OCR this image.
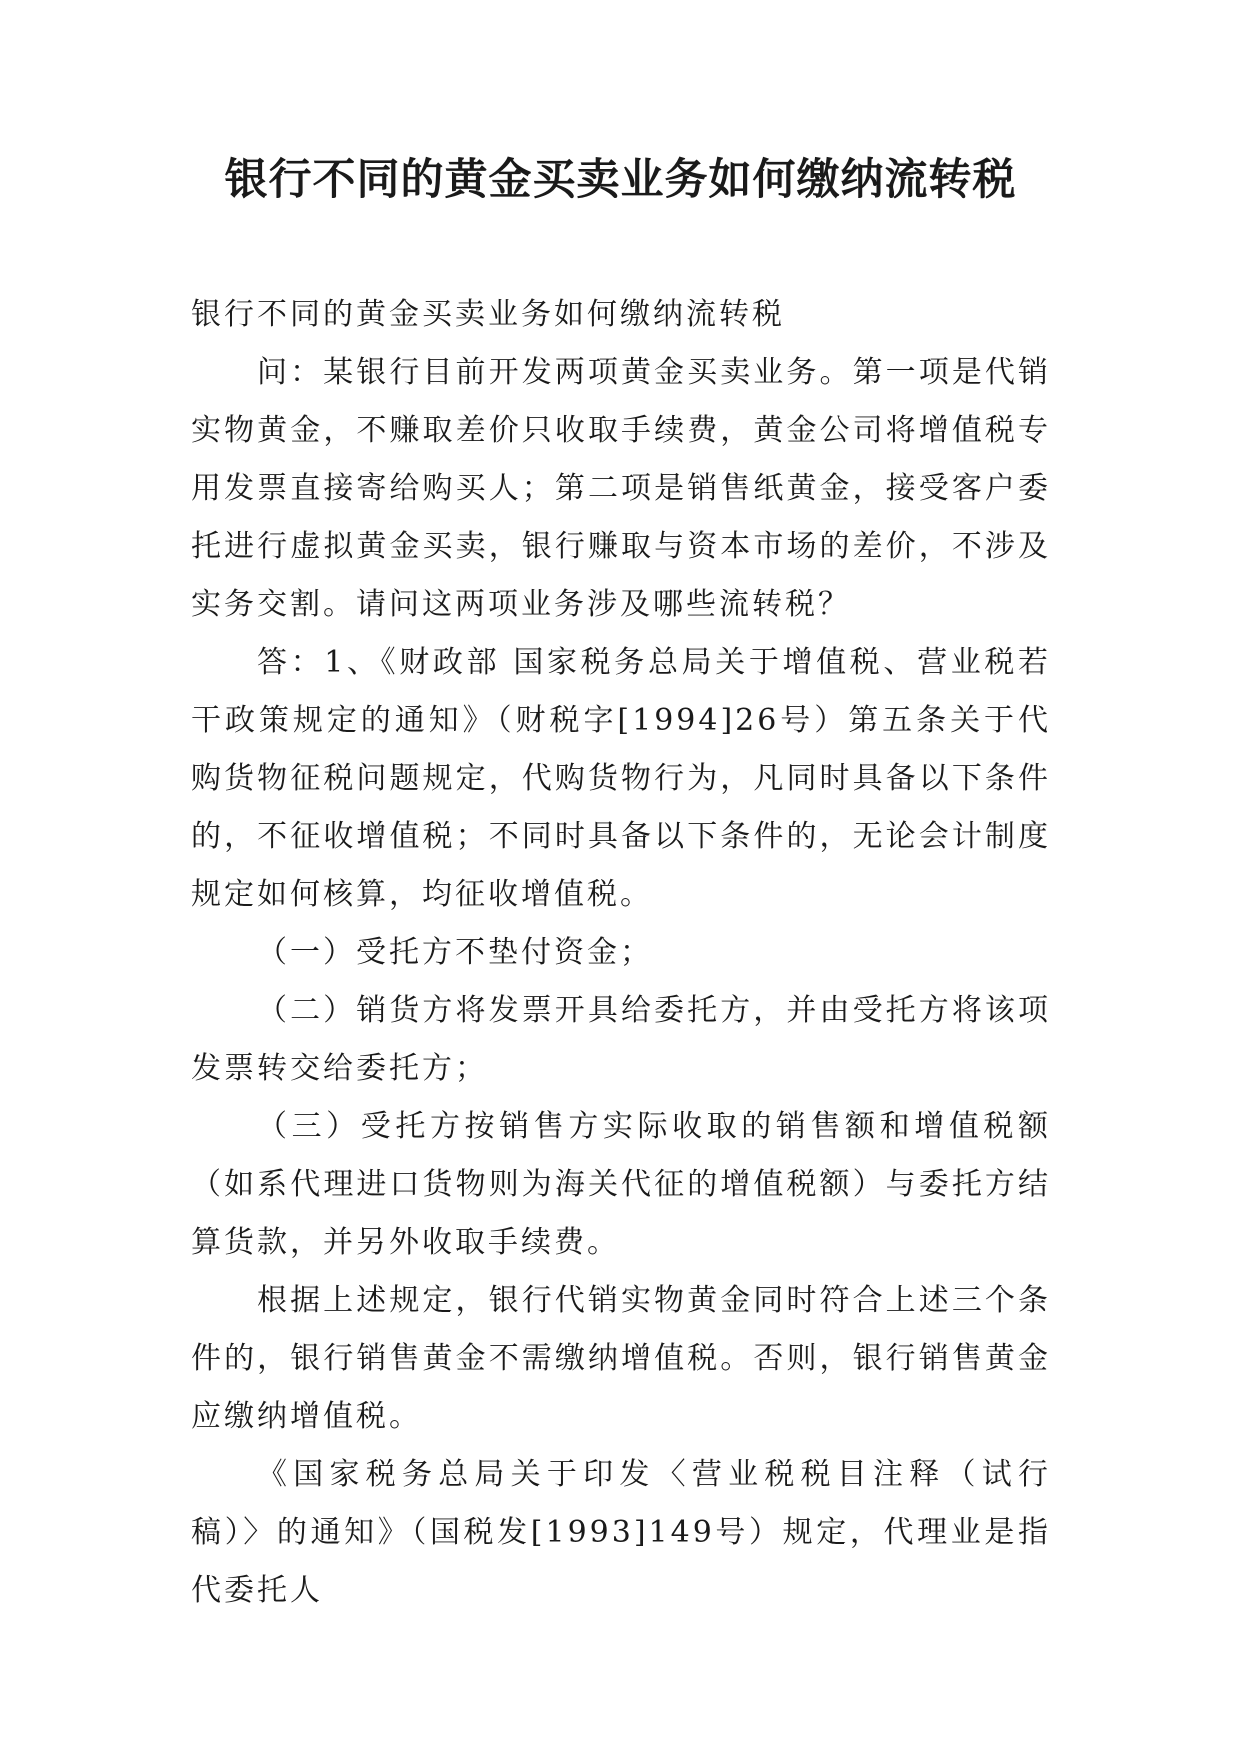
银行不同的黄金买卖业务如何缴纳流转税

银行不同的黄金买卖业务如何缴纳流转税

问：某银行目前开发两项黄金买卖业务。第一项是代销实物黄金，不赚取差价只收取手续费，黄金公司将增值税专用发票直接寄给购买人；第二项是销售纸黄金，接受客户委托进行虚拟黄金买卖，银行赚取与资本市场的差价，不涉及实务交割。请问这两项业务涉及哪些流转税？

答：1、《财政部 国家税务总局关于增值税、营业税若干政策规定的通知》（财税字[1994]26号）第五条关于代购货物征税问题规定，代购货物行为，凡同时具备以下条件的，不征收增值税；不同时具备以下条件的，无论会计制度规定如何核算，均征收增值税。

（一）受托方不垫付资金；

（二）销货方将发票开具给委托方，并由受托方将该项发票转交给委托方；

（三）受托方按销售方实际收取的销售额和增值税额（如系代理进口货物则为海关代征的增值税额）与委托方结算货款，并另外收取手续费。

根据上述规定，银行代销实物黄金同时符合上述三个条件的，银行销售黄金不需缴纳增值税。否则，银行销售黄金应缴纳增值税。

《国家税务总局关于印发〈营业税税目注释（试行稿）〉的通知》（国税发[1993]149号）规定，代理业是指代委托人
